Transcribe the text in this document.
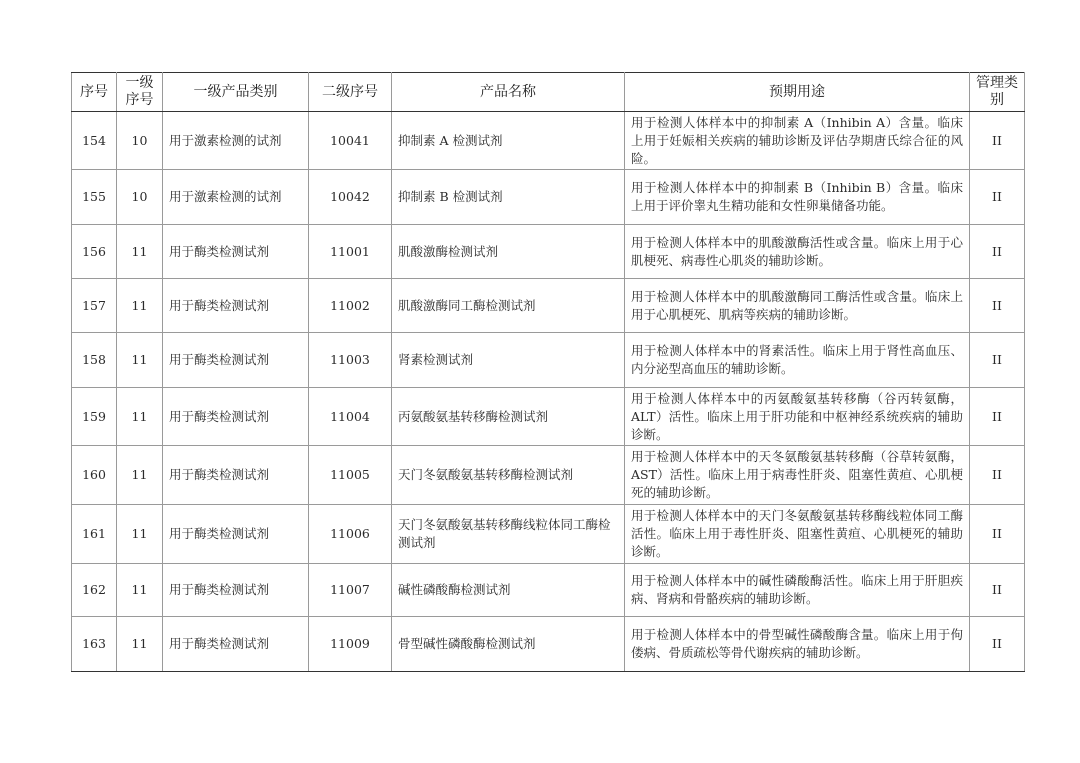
序号	一级序号	一级产品类别	二级序号	产品名称	预期用途	管理类别
154	10	用于激素检测的试剂	10041	抑制素 A 检测试剂	用于检测人体样本中的抑制素 A（Inhibin A）含量。临床上用于妊娠相关疾病的辅助诊断及评估孕期唐氏综合征的风险。	II
155	10	用于激素检测的试剂	10042	抑制素 B 检测试剂	用于检测人体样本中的抑制素 B（Inhibin B）含量。临床上用于评价睾丸生精功能和女性卵巢储备功能。	II
156	11	用于酶类检测试剂	11001	肌酸激酶检测试剂	用于检测人体样本中的肌酸激酶活性或含量。临床上用于心肌梗死、病毒性心肌炎的辅助诊断。	II
157	11	用于酶类检测试剂	11002	肌酸激酶同工酶检测试剂	用于检测人体样本中的肌酸激酶同工酶活性或含量。临床上用于心肌梗死、肌病等疾病的辅助诊断。	II
158	11	用于酶类检测试剂	11003	肾素检测试剂	用于检测人体样本中的肾素活性。临床上用于肾性高血压、内分泌型高血压的辅助诊断。	II
159	11	用于酶类检测试剂	11004	丙氨酸氨基转移酶检测试剂	用于检测人体样本中的丙氨酸氨基转移酶（谷丙转氨酶，ALT）活性。临床上用于肝功能和中枢神经系统疾病的辅助诊断。	II
160	11	用于酶类检测试剂	11005	天门冬氨酸氨基转移酶检测试剂	用于检测人体样本中的天冬氨酸氨基转移酶（谷草转氨酶，AST）活性。临床上用于病毒性肝炎、阻塞性黄疸、心肌梗死的辅助诊断。	II
161	11	用于酶类检测试剂	11006	天门冬氨酸氨基转移酶线粒体同工酶检测试剂	用于检测人体样本中的天门冬氨酸氨基转移酶线粒体同工酶活性。临床上用于毒性肝炎、阻塞性黄疸、心肌梗死的辅助诊断。	II
162	11	用于酶类检测试剂	11007	碱性磷酸酶检测试剂	用于检测人体样本中的碱性磷酸酶活性。临床上用于肝胆疾病、肾病和骨骼疾病的辅助诊断。	II
163	11	用于酶类检测试剂	11009	骨型碱性磷酸酶检测试剂	用于检测人体样本中的骨型碱性磷酸酶含量。临床上用于佝偻病、骨质疏松等骨代谢疾病的辅助诊断。	II
